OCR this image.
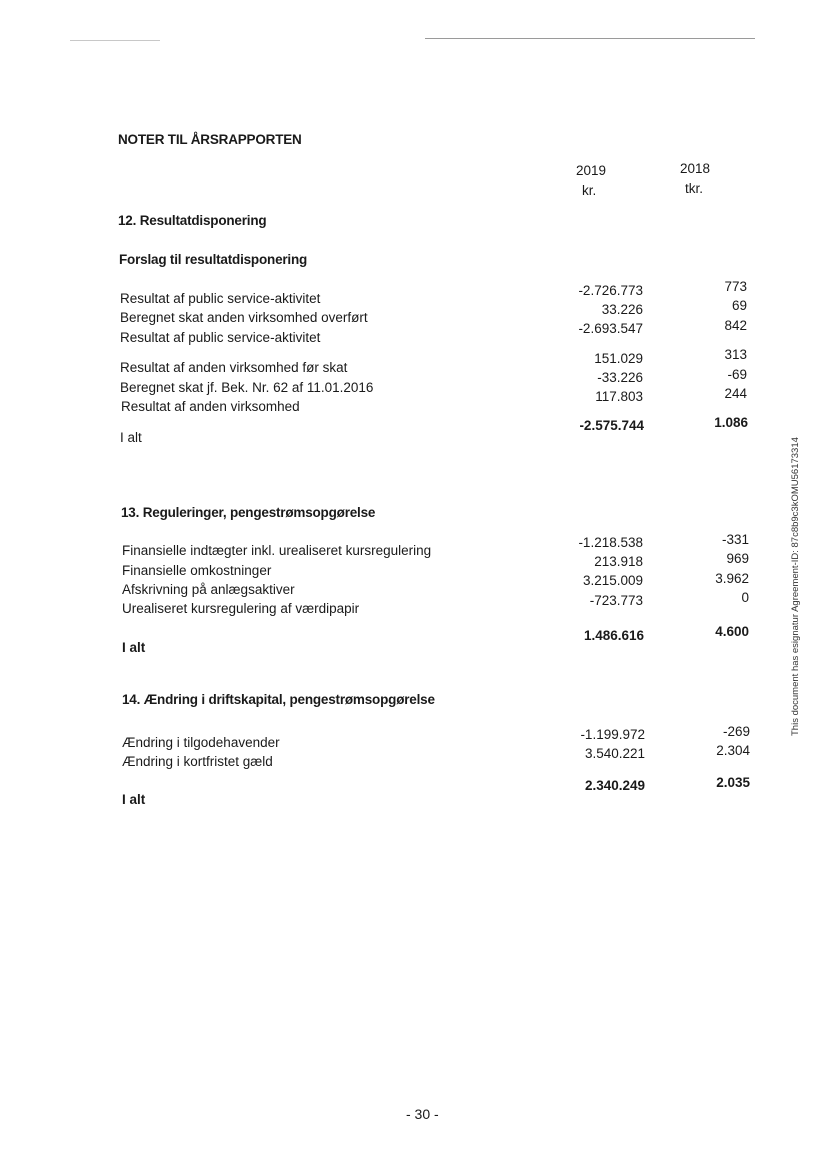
NOTER TIL ÅRSRAPPORTEN
2019
kr.
2018
tkr.
12. Resultatdisponering
Forslag til resultatdisponering
Resultat af public service-aktivitet
Beregnet skat anden virksomhed overført
Resultat af public service-aktivitet
Resultat af anden virksomhed før skat
Beregnet skat jf. Bek. Nr. 62 af 11.01.2016
Resultat af anden virksomhed
I alt
-2.726.773
33.226
-2.693.547
151.029
-33.226
117.803
-2.575.744
773
69
842
313
-69
244
1.086
13. Reguleringer, pengestrømsopgørelse
Finansielle indtægter inkl. urealiseret kursregulering
Finansielle omkostninger
Afskrivning på anlægsaktiver
Urealiseret kursregulering af værdipapir
I alt
-1.218.538
213.918
3.215.009
-723.773
1.486.616
-331
969
3.962
0
4.600
14. Ændring i driftskapital, pengestrømsopgørelse
Ændring i tilgodehavender
Ændring i kortfristet gæld
I alt
-1.199.972
3.540.221
2.340.249
-269
2.304
2.035
- 30 -
This document has esignatur Agreement-ID: 87c8b9c3kOMU56173314
